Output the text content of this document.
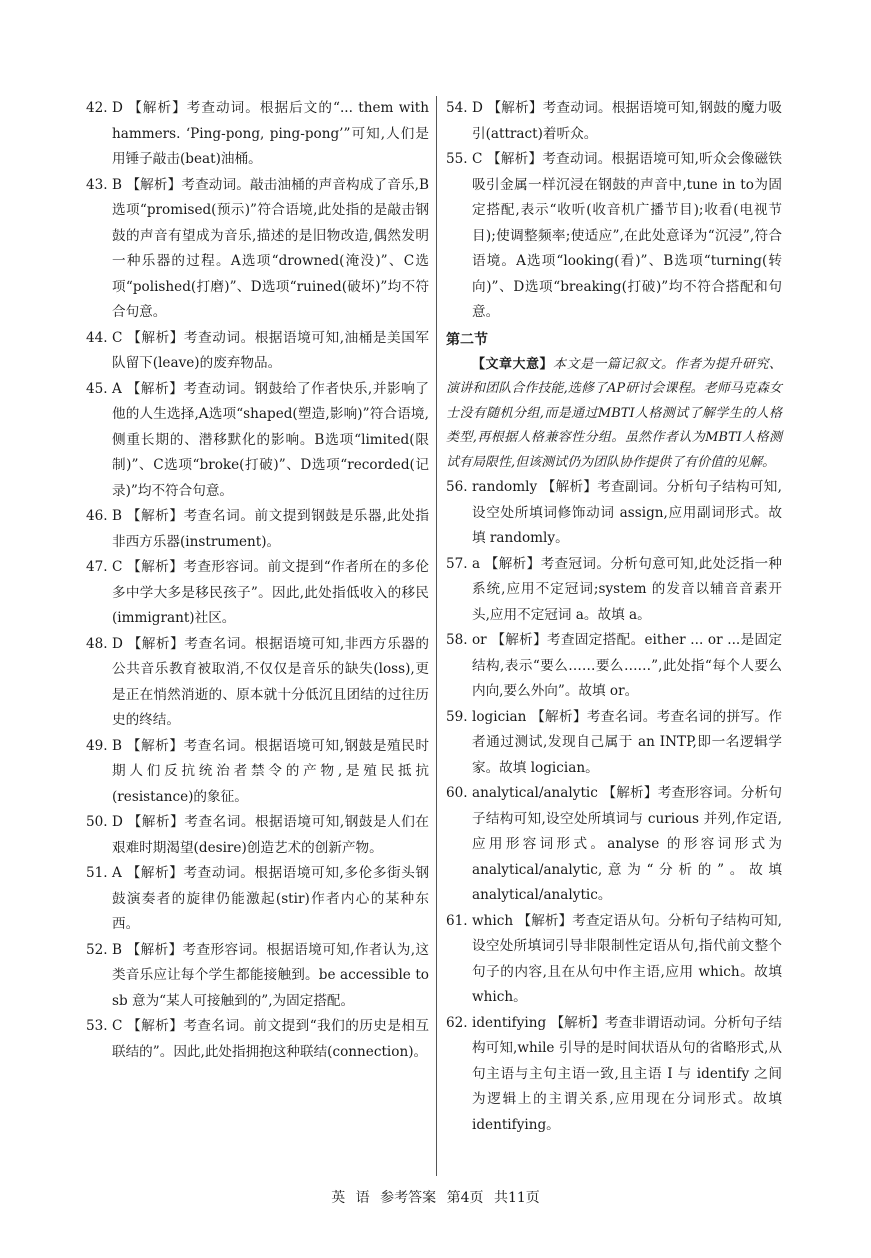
42. D 【解析】考查动词。根据后文的“... them with hammers. ‘Ping-pong, ping-pong’”可知,人们是用锤子敲击(beat)油桶。
43. B 【解析】考查动词。敲击油桶的声音构成了音乐,B选项“promised(预示)”符合语境,此处指的是敲击钢鼓的声音有望成为音乐,描述的是旧物改造,偶然发明一种乐器的过程。A选项“drowned(淹没)”、C选项“polished(打磨)”、D选项“ruined(破坏)”均不符合句意。
44. C 【解析】考查动词。根据语境可知,油桶是美国军队留下(leave)的废弃物品。
45. A 【解析】考查动词。钢鼓给了作者快乐,并影响了他的人生选择,A选项“shaped(塑造,影响)”符合语境,侧重长期的、潜移默化的影响。B选项“limited(限制)”、C选项“broke(打破)”、D选项“recorded(记录)”均不符合句意。
46. B 【解析】考查名词。前文提到钢鼓是乐器,此处指非西方乐器(instrument)。
47. C 【解析】考查形容词。前文提到“作者所在的多伦多中学大多是移民孩子”。因此,此处指低收入的移民(immigrant)社区。
48. D 【解析】考查名词。根据语境可知,非西方乐器的公共音乐教育被取消,不仅仅是音乐的缺失(loss),更是正在悄然消逝的、原本就十分低沉且团结的过往历史的终结。
49. B 【解析】考查名词。根据语境可知,钢鼓是殖民时期人们反抗统治者禁令的产物,是殖民抵抗(resistance)的象征。
50. D 【解析】考查名词。根据语境可知,钢鼓是人们在艰难时期渴望(desire)创造艺术的创新产物。
51. A 【解析】考查动词。根据语境可知,多伦多街头钢鼓演奏者的旋律仍能激起(stir)作者内心的某种东西。
52. B 【解析】考查形容词。根据语境可知,作者认为,这类音乐应让每个学生都能接触到。be accessible to sb 意为“某人可接触到的”,为固定搭配。
53. C 【解析】考查名词。前文提到“我们的历史是相互联结的”。因此,此处指拥抱这种联结(connection)。
54. D 【解析】考查动词。根据语境可知,钢鼓的魔力吸引(attract)着听众。
55. C 【解析】考查动词。根据语境可知,听众会像磁铁吸引金属一样沉浸在钢鼓的声音中,tune in to为固定搭配,表示“收听(收音机广播节目);收看(电视节目);使调整频率;使适应”,在此处意译为“沉浸”,符合语境。A选项“looking(看)”、B选项“turning(转向)”、D选项“breaking(打破)”均不符合搭配和句意。
第二节

【文章大意】本文是一篇记叙文。作者为提升研究、演讲和团队合作技能,选修了AP研讨会课程。老师马克森女士没有随机分组,而是通过MBTI人格测试了解学生的人格类型,再根据人格兼容性分组。虽然作者认为MBTI人格测试有局限性,但该测试仍为团队协作提供了有价值的见解。

56. randomly 【解析】考查副词。分析句子结构可知,设空处所填词修饰动词 assign,应用副词形式。故填 randomly。
57. a 【解析】考查冠词。分析句意可知,此处泛指一种系统,应用不定冠词;system 的发音以辅音音素开头,应用不定冠词 a。故填 a。
58. or 【解析】考查固定搭配。either ... or ...是固定结构,表示“要么……要么……”,此处指“每个人要么内向,要么外向”。故填 or。
59. logician 【解析】考查名词。考查名词的拼写。作者通过测试,发现自己属于 an INTP,即一名逻辑学家。故填 logician。
60. analytical/analytic 【解析】考查形容词。分析句子结构可知,设空处所填词与 curious 并列,作定语,应用形容词形式。analyse 的形容词形式为 analytical/analytic,意为“分析的”。故填 analytical/analytic。
61. which 【解析】考查定语从句。分析句子结构可知,设空处所填词引导非限制性定语从句,指代前文整个句子的内容,且在从句中作主语,应用 which。故填 which。
62. identifying 【解析】考查非谓语动词。分析句子结构可知,while 引导的是时间状语从句的省略形式,从句主语与主句主语一致,且主语 I 与 identify 之间为逻辑上的主谓关系,应用现在分词形式。故填 identifying。
英 语 参考答案 第4页 共11页
